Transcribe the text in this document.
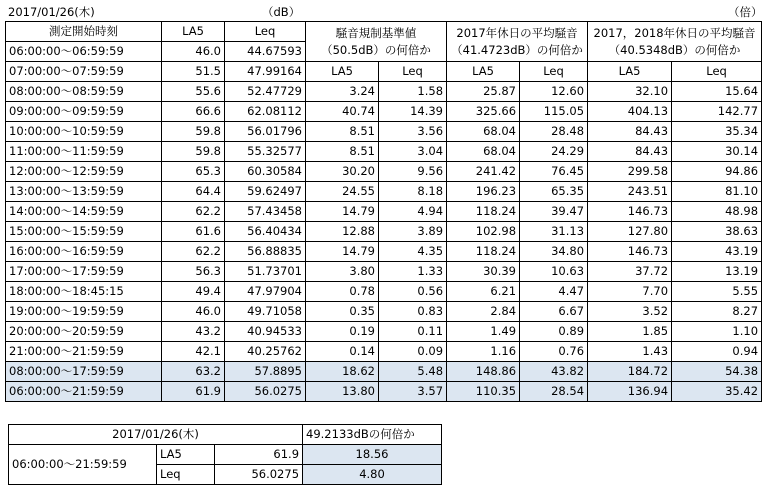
2017/01/26(木)	（dB）	（倍）
測定開始時刻	LA5	Leq	騒音規制基準値（50.5dB）の何倍か		2017年休日の平均騒音（41.4723dB）の何倍か		2017，2018年休日の平均騒音（40.5348dB）の何倍か	
06:00:00～06:59:59	46.0	44.67593						
07:00:00～07:59:59	51.5	47.99164	LA5	Leq	LA5	Leq	LA5	Leq
08:00:00～08:59:59	55.6	52.47729	3.24	1.58	25.87	12.60	32.10	15.64
09:00:00～09:59:59	66.6	62.08112	40.74	14.39	325.66	115.05	404.13	142.77
10:00:00～10:59:59	59.8	56.01796	8.51	3.56	68.04	28.48	84.43	35.34
11:00:00～11:59:59	59.8	55.32577	8.51	3.04	68.04	24.29	84.43	30.14
12:00:00～12:59:59	65.3	60.30584	30.20	9.56	241.42	76.45	299.58	94.86
13:00:00～13:59:59	64.4	59.62497	24.55	8.18	196.23	65.35	243.51	81.10
14:00:00～14:59:59	62.2	57.43458	14.79	4.94	118.24	39.47	146.73	48.98
15:00:00～15:59:59	61.6	56.40434	12.88	3.89	102.98	31.13	127.80	38.63
16:00:00～16:59:59	62.2	56.88835	14.79	4.35	118.24	34.80	146.73	43.19
17:00:00～17:59:59	56.3	51.73701	3.80	1.33	30.39	10.63	37.72	13.19
18:00:00～18:45:15	49.4	47.97904	0.78	0.56	6.21	4.47	7.70	5.55
19:00:00～19:59:59	46.0	49.71058	0.35	0.83	2.84	6.67	3.52	8.27
20:00:00～20:59:59	43.2	40.94533	0.19	0.11	1.49	0.89	1.85	1.10
21:00:00～21:59:59	42.1	40.25762	0.14	0.09	1.16	0.76	1.43	0.94
08:00:00～17:59:59	63.2	57.8895	18.62	5.48	148.86	43.82	184.72	54.38
06:00:00～21:59:59	61.9	56.0275	13.80	3.57	110.35	28.54	136.94	35.42
2017/01/26(木)			49.2133dBの何倍か
06:00:00～21:59:59	LA5	61.9	18.56
	Leq	56.0275	4.80
